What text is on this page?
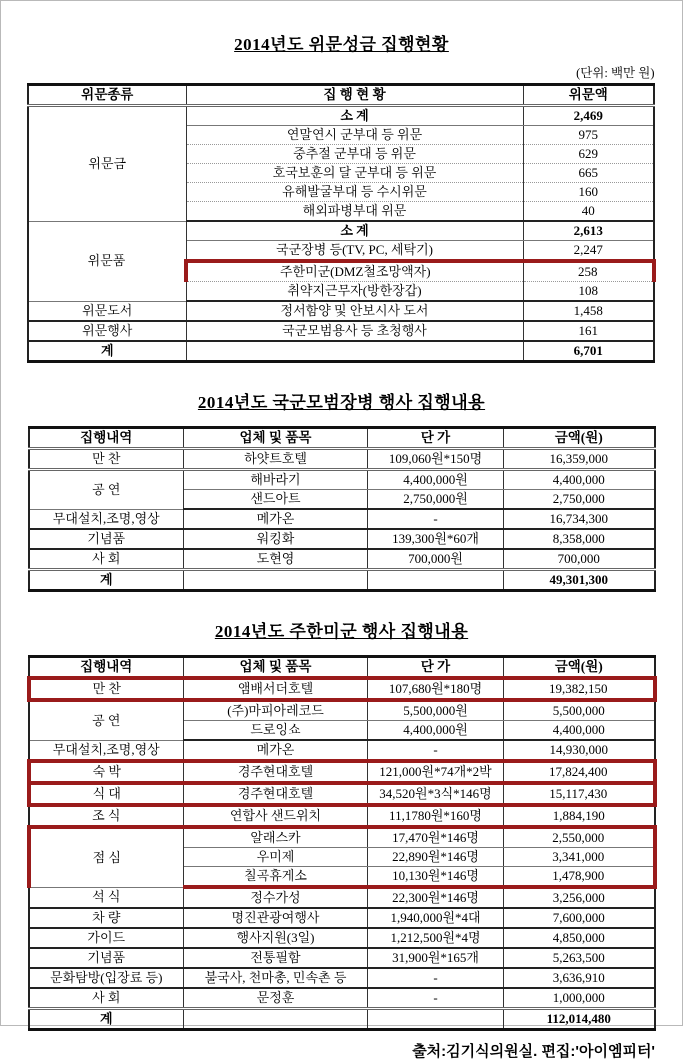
2014년도 위문성금 집행현황
(단위: 백만 원)
위문종류	집 행 현 황	위문액
위문금	소 계	2,469
	연말연시 군부대 등 위문	975
	중추절 군부대 등 위문	629
	호국보훈의 달 군부대 등 위문	665
	유해발굴부대 등 수시위문	160
	해외파병부대 위문	40
위문품	소 계	2,613
	국군장병 등(TV, PC, 세탁기)	2,247
	주한미군(DMZ철조망액자)	258
	취약지근무자(방한장갑)	108
위문도서	정서함양 및 안보시사 도서	1,458
위문행사	국군모범용사 등 초청행사	161
계		6,701
2014년도 국군모범장병 행사 집행내용
집행내역	업체 및 품목	단 가	금액(원)
만 찬	하얏트호텔	109,060원*150명	16,359,000
공 연	해바라기	4,400,000원	4,400,000
	샌드아트	2,750,000원	2,750,000
무대설치,조명,영상	메가온	-	16,734,300
기념품	워킹화	139,300원*60개	8,358,000
사 회	도현영	700,000원	700,000
계			49,301,300
2014년도 주한미군 행사 집행내용
집행내역	업체 및 품목	단 가	금액(원)
만 찬	앰배서더호텔	107,680원*180명	19,382,150
공 연	(주)마피아레코드	5,500,000원	5,500,000
	드로잉쇼	4,400,000원	4,400,000
무대설치,조명,영상	메가온	-	14,930,000
숙 박	경주현대호텔	121,000원*74개*2박	17,824,400
식 대	경주현대호텔	34,520원*3식*146명	15,117,430
조 식	연합사 샌드위치	11,1780원*160명	1,884,190
점 심	알래스카	17,470원*146명	2,550,000
	우미제	22,890원*146명	3,341,000
	칠곡휴게소	10,130원*146명	1,478,900
석 식	정수가성	22,300원*146명	3,256,000
차 량	명진관광여행사	1,940,000원*4대	7,600,000
가이드	행사지원(3일)	1,212,500원*4명	4,850,000
기념품	전통필함	31,900원*165개	5,263,500
문화탐방(입장료 등)	불국사, 천마총, 민속촌 등	-	3,636,910
사 회	문정훈	-	1,000,000
계			112,014,480
출처:김기식의원실. 편집:'아이엠피터'
